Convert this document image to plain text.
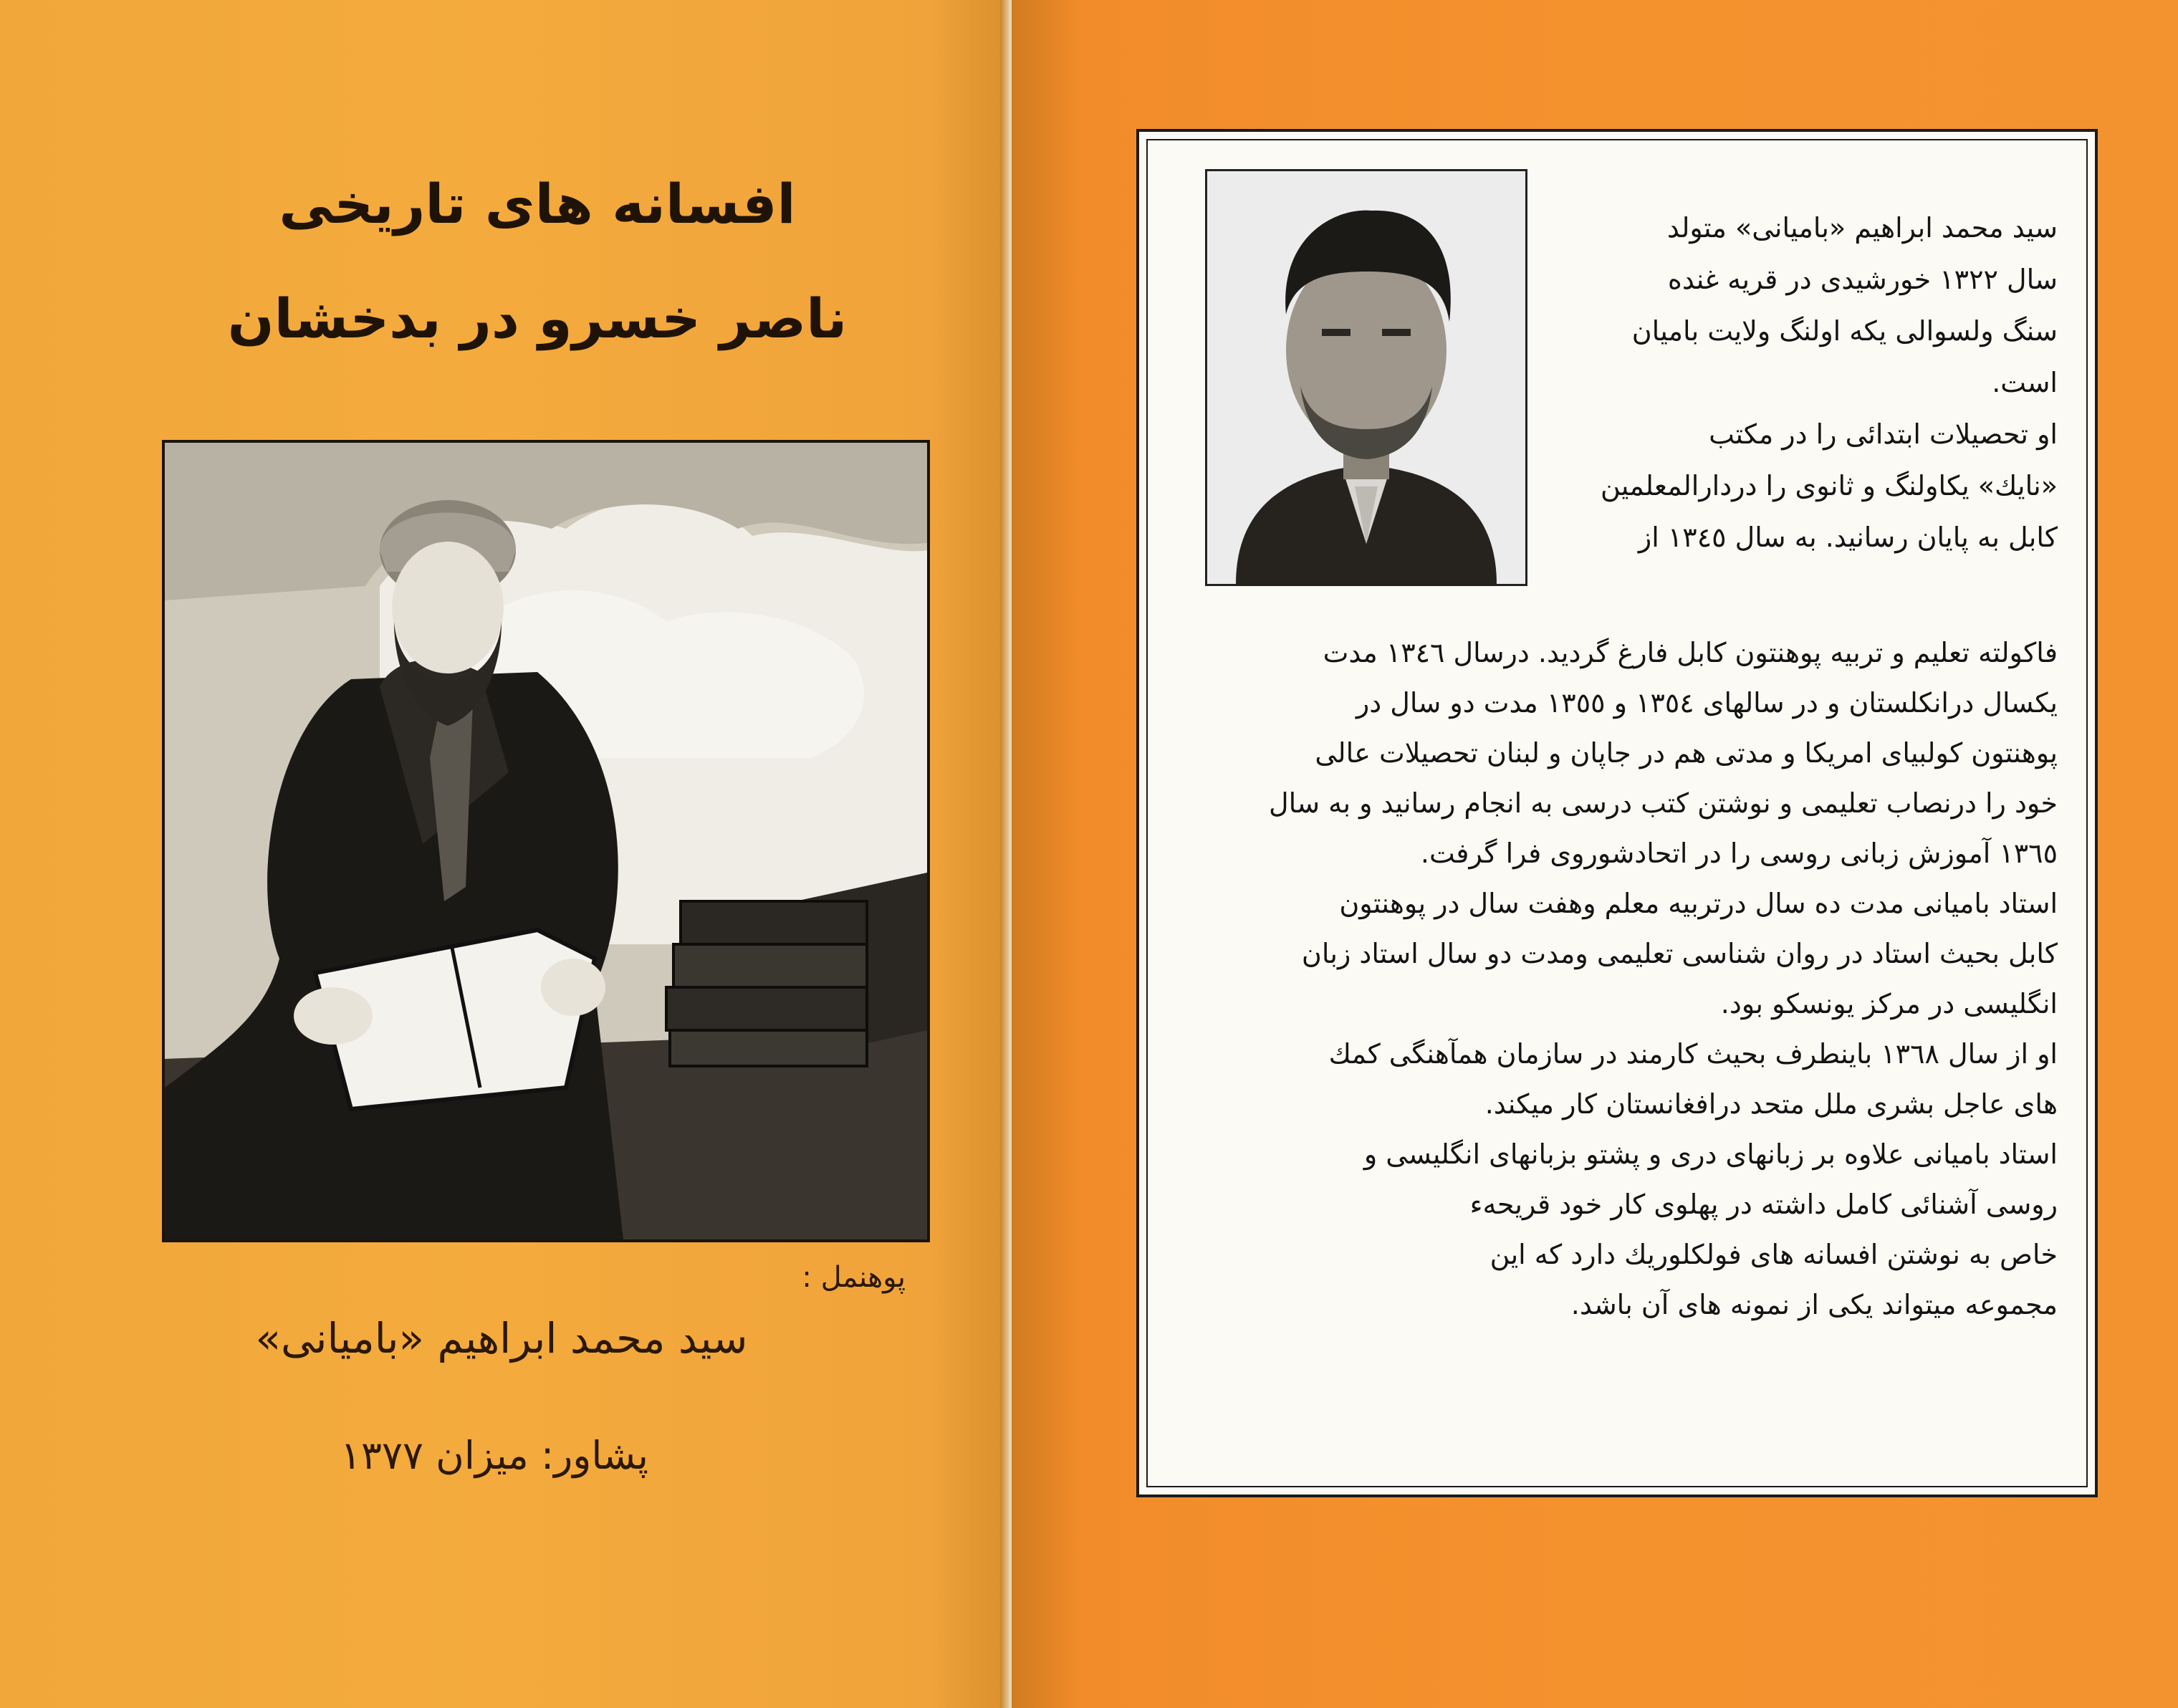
افسانه های تاریخی
ناصر خسرو در بدخشان
پوهنمل :
سید محمد ابراهیم «بامیانی»
پشاور: میزان ۱۳۷۷

سید محمد ابراهیم «بامیانی» متولد

سال ۱۳۲۲ خورشیدی در قریه غنده

سنگ ولسوالی یکه اولنگ ولایت بامیان

است.

او تحصیلات ابتدائی را در مکتب

«نایك» یکاولنگ و ثانوی را دردارالمعلمین

کابل به پایان رسانید. به سال ۱۳٤٥ از

فاکولته تعلیم و تربیه پوهنتون کابل فارغ گردید. درسال ۱۳٤٦ مدت

یکسال درانکلستان و در سالهای ۱۳٥٤ و ۱۳٥٥ مدت دو سال در

پوهنتون کولبیای امریکا و مدتی هم در جاپان و لبنان تحصیلات عالی

خود را درنصاب تعلیمی و نوشتن کتب درسی به انجام رسانید و به سال

۱۳٦٥ آموزش زبانی روسی را در اتحادشوروی فرا گرفت.

استاد بامیانی مدت ده سال درتربیه معلم وهفت سال در پوهنتون

کابل بحیث استاد در روان شناسی تعلیمی ومدت دو سال استاد زبان

انگلیسی در مرکز یونسکو بود.

او از سال ۱۳٦۸ باینطرف بحیث کارمند در سازمان همآهنگی کمك

های عاجل بشری ملل متحد درافغانستان کار میکند.

استاد بامیانی علاوه بر زبانهای دری و پشتو بزبانهای انگلیسی و

روسی آشنائی کامل داشته در پهلوی کار خود قریحهء

خاص به نوشتن افسانه های فولکلوریك دارد که این

مجموعه میتواند یکی از نمونه های آن باشد.
